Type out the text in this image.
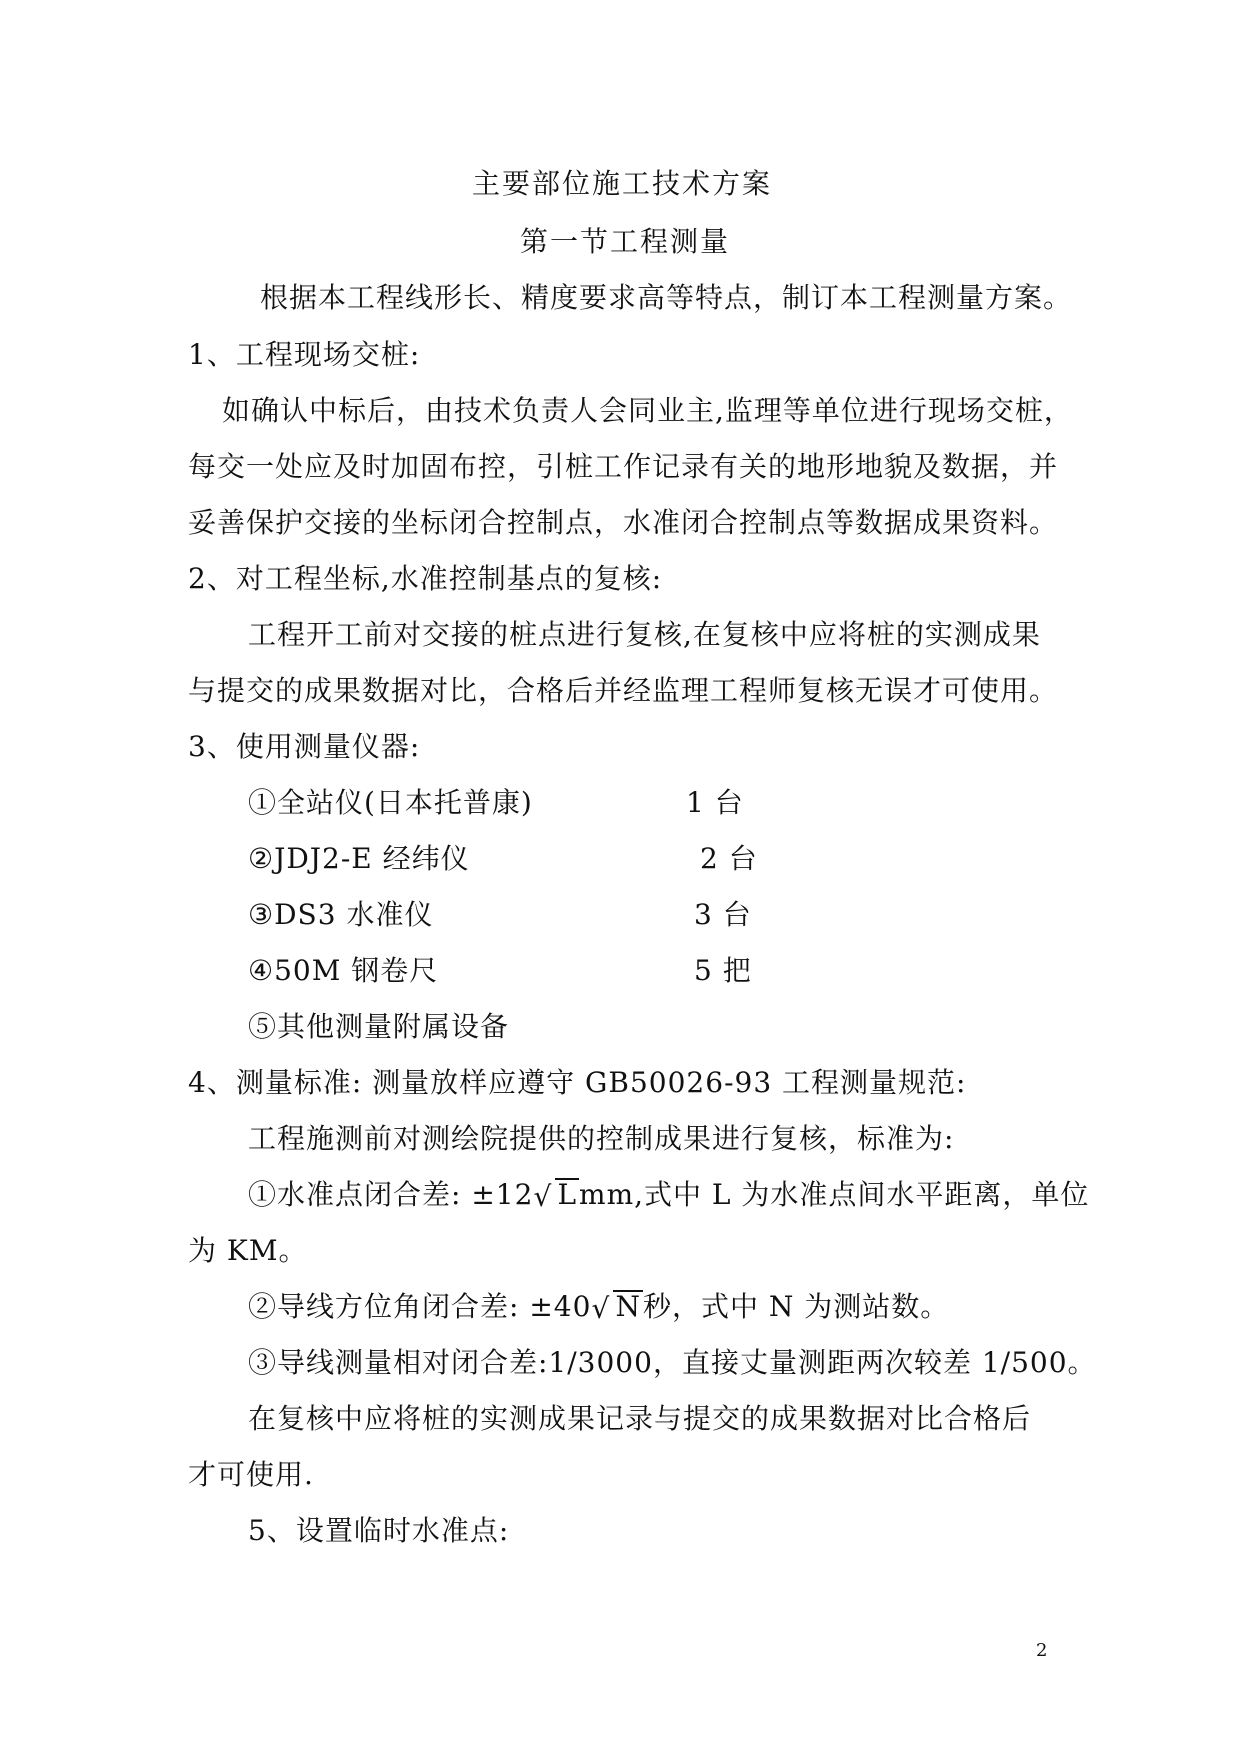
主要部位施工技术方案
第一节工程测量
根据本工程线形长、精度要求高等特点，制订本工程测量方案。
1、工程现场交桩:
如确认中标后，由技术负责人会同业主,监理等单位进行现场交桩，
每交一处应及时加固布控，引桩工作记录有关的地形地貌及数据，并
妥善保护交接的坐标闭合控制点，水准闭合控制点等数据成果资料。
2、对工程坐标,水准控制基点的复核:
工程开工前对交接的桩点进行复核,在复核中应将桩的实测成果
与提交的成果数据对比，合格后并经监理工程师复核无误才可使用。
3、使用测量仪器:
①全站仪(日本托普康)	1 台
②JDJ2-E 经纬仪	2 台
③DS3 水准仪	3 台
④50M 钢卷尺	5 把
⑤其他测量附属设备
4、测量标准: 测量放样应遵守 GB50026-93 工程测量规范:
工程施测前对测绘院提供的控制成果进行复核，标准为:
①水准点闭合差: ±12 √ Lmm,式中 L 为水准点间水平距离，单位
为 KM。
②导线方位角闭合差: ±40 √ N秒，式中 N 为测站数。
③导线测量相对闭合差:1/3000，直接丈量测距两次较差 1/500。
在复核中应将桩的实测成果记录与提交的成果数据对比合格后
才可使用.
5、设置临时水准点:
2
